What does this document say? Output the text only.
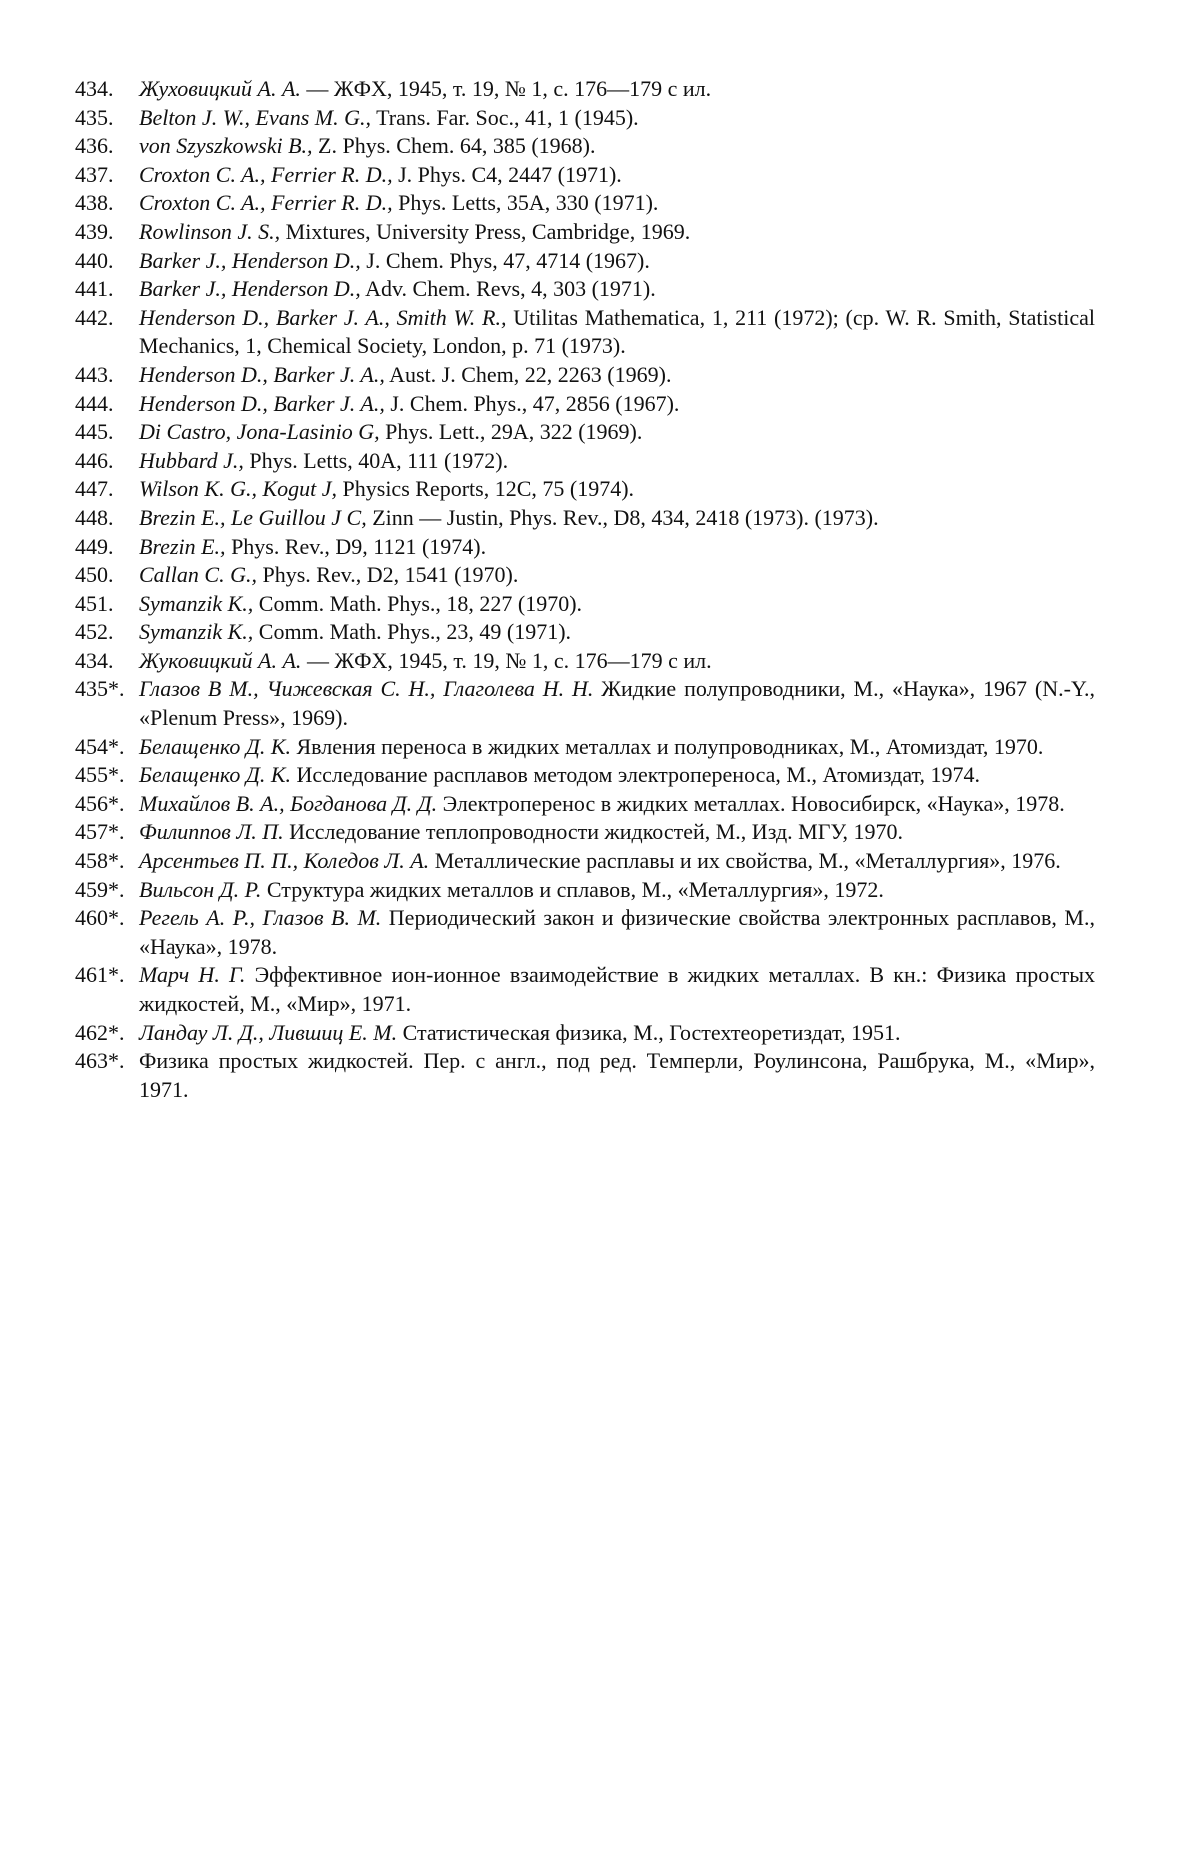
434.	Жуховицкий А. А. — ЖФХ, 1945, т. 19, № 1, с. 176—179 с ил.
435.	Belton J. W., Evans M. G., Trans. Far. Soc., 41, 1 (1945).
436.	von Szyszkowski B., Z. Phys. Chem. 64, 385 (1968).
437.	Croxton C. A., Ferrier R. D., J. Phys. C4, 2447 (1971).
438.	Croxton C. A., Ferrier R. D., Phys. Letts, 35A, 330 (1971).
439.	Rowlinson J. S., Mixtures, University Press, Cambridge, 1969.
440.	Barker J., Henderson D., J. Chem. Phys, 47, 4714 (1967).
441.	Barker J., Henderson D., Adv. Chem. Revs, 4, 303 (1971).
442.	Henderson D., Barker J. A., Smith W. R., Utilitas Mathematica, 1, 211 (1972); (cp. W. R. Smith, Statistical Mechanics, 1, Chemical Society, London, p. 71 (1973).
443.	Henderson D., Barker J. A., Aust. J. Chem, 22, 2263 (1969).
444.	Henderson D., Barker J. A., J. Chem. Phys., 47, 2856 (1967).
445.	Di Castro, Jona-Lasinio G, Phys. Lett., 29A, 322 (1969).
446.	Hubbard J., Phys. Letts, 40A, 111 (1972).
447.	Wilson K. G., Kogut J, Physics Reports, 12C, 75 (1974).
448.	Brezin E., Le Guillou J C, Zinn — Justin, Phys. Rev., D8, 434, 2418 (1973). (1973).
449.	Brezin E., Phys. Rev., D9, 1121 (1974).
450.	Callan C. G., Phys. Rev., D2, 1541 (1970).
451.	Symanzik K., Comm. Math. Phys., 18, 227 (1970).
452.	Symanzik K., Comm. Math. Phys., 23, 49 (1971).
434.	Жуковицкий А. А. — ЖФХ, 1945, т. 19, № 1, с. 176—179 с ил.
435*. Глазов В М., Чижевская С. Н., Глаголева Н. Н. Жидкие полупроводники, М., «Наука», 1967 (N.-Y., «Plenum Press», 1969).
454*. Белащенко Д. К. Явления переноса в жидких металлах и полупроводниках, М., Атомиздат, 1970.
455*. Белащенко Д. К. Исследование расплавов методом электропереноса, М., Атомиздат, 1974.
456*. Михайлов В. А., Богданова Д. Д. Электроперенос в жидких металлах. Новосибирск, «Наука», 1978.
457*. Филиппов Л. П. Исследование теплопроводности жидкостей, М., Изд. МГУ, 1970.
458*. Арсентьев П. П., Коледов Л. А. Металлические расплавы и их свойства, М., «Металлургия», 1976.
459*. Вильсон Д. Р. Структура жидких металлов и сплавов, М., «Металлургия», 1972.
460*. Регель А. Р., Глазов В. М. Периодический закон и физические свойства электронных расплавов, М., «Наука», 1978.
461*. Марч Н. Г. Эффективное ион-ионное взаимодействие в жидких металлах. В кн.: Физика простых жидкостей, М., «Мир», 1971.
462*. Ландау Л. Д., Лившиц Е. М. Статистическая физика, М., Гостехтеоретиздат, 1951.
463*. Физика простых жидкостей. Пер. с англ., под ред. Темперли, Роулинсона, Рашбрука, М., «Мир», 1971.
